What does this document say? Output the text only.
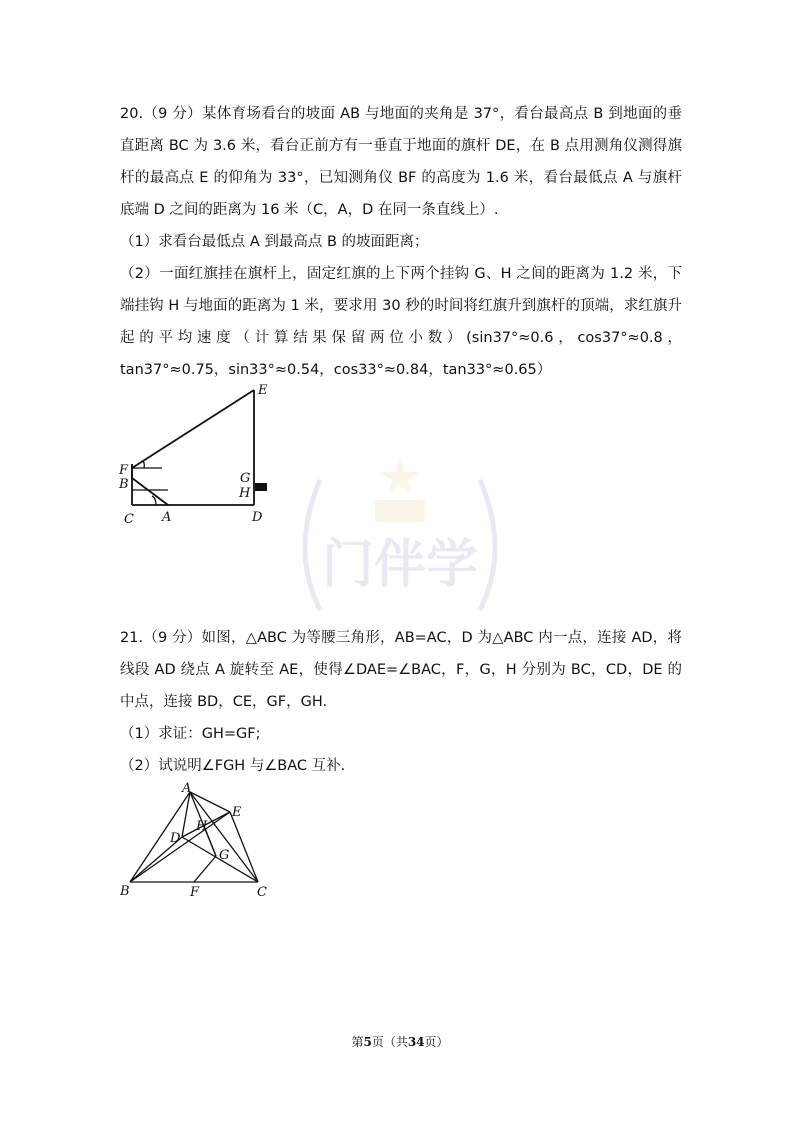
门伴学

20.（9 分）某体育场看台的坡面 AB 与地面的夹角是 37°，看台最高点 B 到地面的垂直距离 BC 为 3.6 米，看台正前方有一垂直于地面的旗杆 DE，在 B 点用测角仪测得旗杆的最高点 E 的仰角为 33°，已知测角仪 BF 的高度为 1.6 米，看台最低点 A 与旗杆底端 D 之间的距离为 16 米（C，A，D 在同一条直线上）.

（1）求看台最低点 A 到最高点 B 的坡面距离；

（2）一面红旗挂在旗杆上，固定红旗的上下两个挂钩 G、H 之间的距离为 1.2 米，下端挂钩 H 与地面的距离为 1 米，要求用 30 秒的时间将红旗升到旗杆的顶端，求红旗升起的平均速度（计算结果保留两位小数）(sin37°≈0.6，cos37°≈0.8，tan37°≈0.75，sin33°≈0.54，cos33°≈0.84，tan33°≈0.65）

E
F
B	G
H
C A	D

21.（9 分）如图，△ABC 为等腰三角形，AB=AC，D 为△ABC 内一点，连接 AD，将线段 AD 绕点 A 旋转至 AE，使得∠DAE=∠BAC，F，G，H 分别为 BC，CD，DE 的中点，连接 BD，CE，GF，GH.

（1）求证：GH=GF;

（2）试说明∠FGH 与∠BAC 互补.

A
E
H
D
G
B	F	C
第5页（共34页）
